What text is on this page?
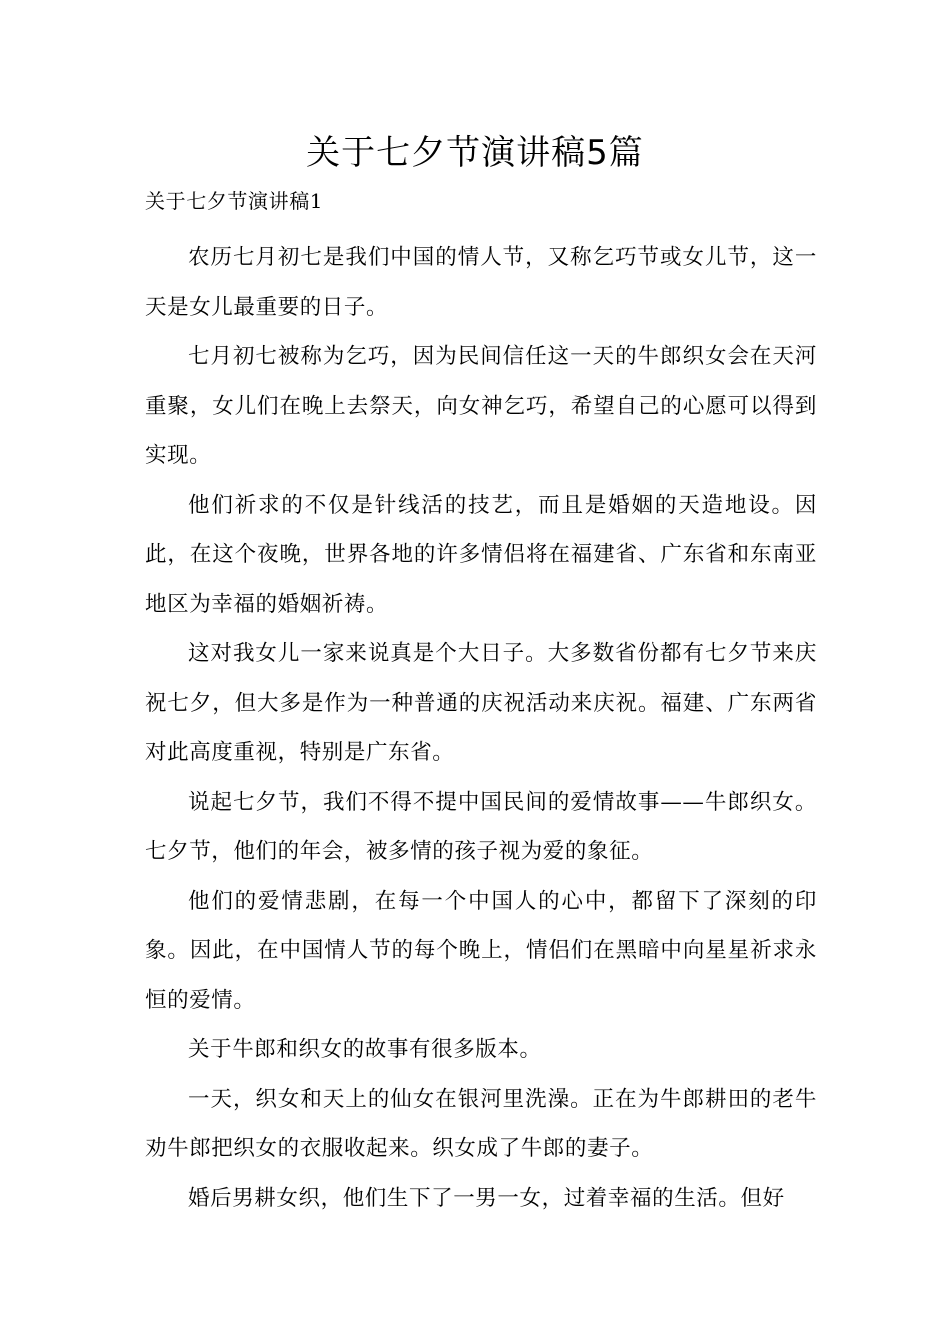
关于七夕节演讲稿5篇
关于七夕节演讲稿1

农历七月初七是我们中国的情人节，又称乞巧节或女儿节，这一天是女儿最重要的日子。

七月初七被称为乞巧，因为民间信任这一天的牛郎织女会在天河重聚，女儿们在晚上去祭天，向女神乞巧，希望自己的心愿可以得到实现。

他们祈求的不仅是针线活的技艺，而且是婚姻的天造地设。因此，在这个夜晚，世界各地的许多情侣将在福建省、广东省和东南亚地区为幸福的婚姻祈祷。

这对我女儿一家来说真是个大日子。大多数省份都有七夕节来庆祝七夕，但大多是作为一种普通的庆祝活动来庆祝。福建、广东两省对此高度重视，特别是广东省。

说起七夕节，我们不得不提中国民间的爱情故事——牛郎织女。七夕节，他们的年会，被多情的孩子视为爱的象征。

他们的爱情悲剧，在每一个中国人的心中，都留下了深刻的印象。因此，在中国情人节的每个晚上，情侣们在黑暗中向星星祈求永恒的爱情。

关于牛郎和织女的故事有很多版本。

一天，织女和天上的仙女在银河里洗澡。正在为牛郎耕田的老牛劝牛郎把织女的衣服收起来。织女成了牛郎的妻子。

婚后男耕女织，他们生下了一男一女，过着幸福的生活。但好
